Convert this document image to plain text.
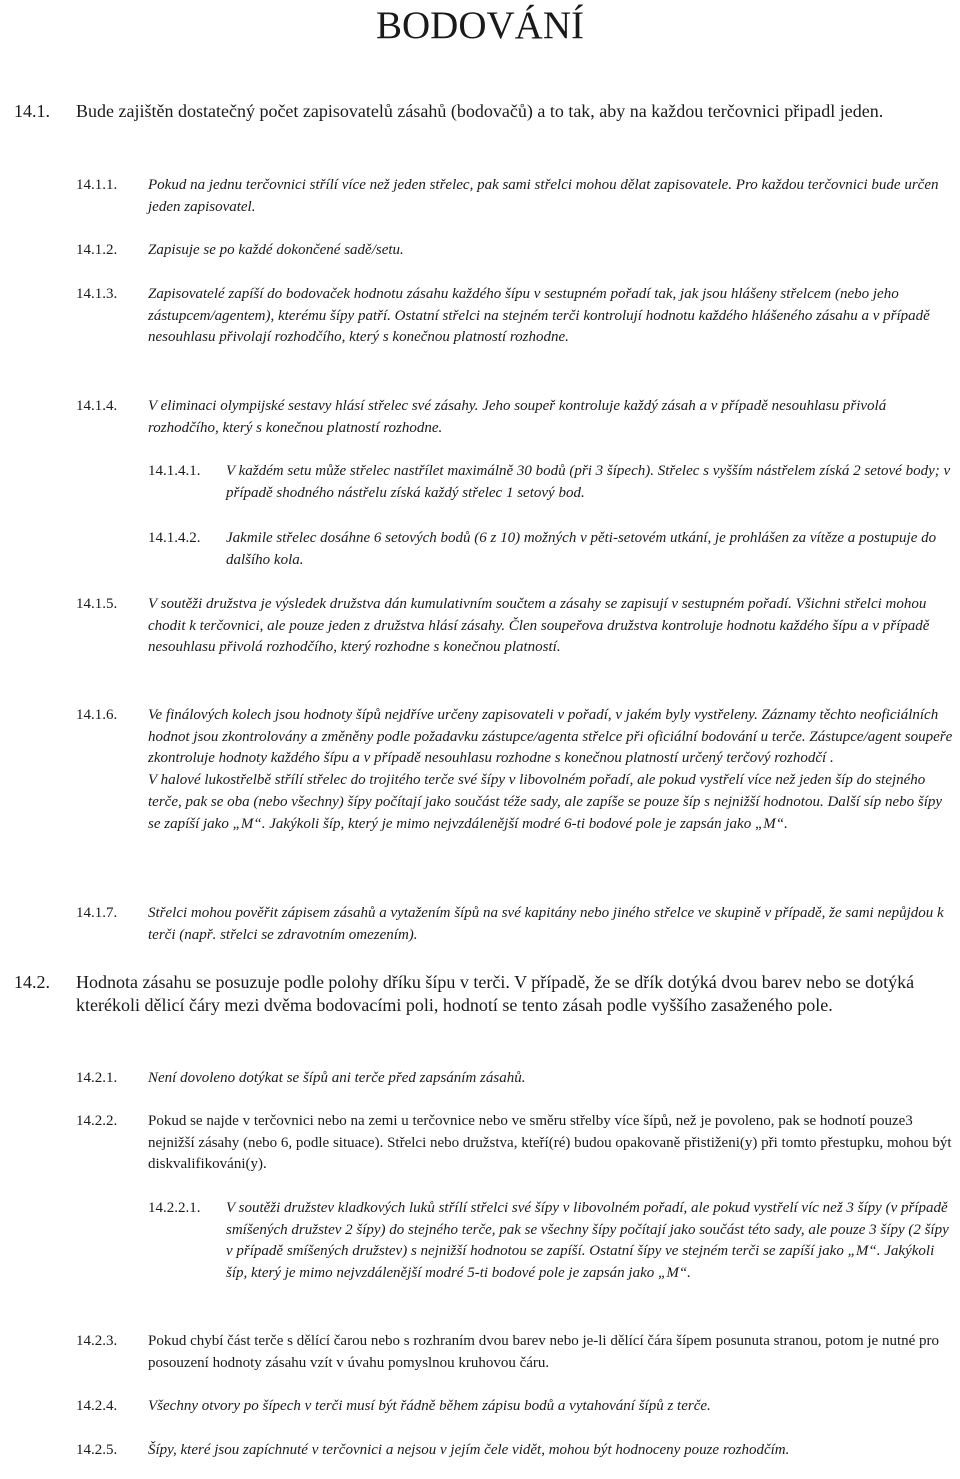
BODOVÁNÍ
14.1. Bude zajištěn dostatečný počet zapisovatelů zásahů (bodovačů) a to tak, aby na každou terčovnici připadl jeden.
14.1.1. Pokud na jednu terčovnici střílí více než jeden střelec, pak sami střelci mohou dělat zapisovatele. Pro každou terčovnici bude určen jeden zapisovatel.
14.1.2. Zapisuje se po každé dokončené sadě/setu.
14.1.3. Zapisovatelé zapíší do bodovaček hodnotu zásahu každého šípu v sestupném pořadí tak, jak jsou hlášeny střelcem (nebo jeho zástupcem/agentem), kterému šípy patří. Ostatní střelci na stejném terči kontrolují hodnotu každého hlášeného zásahu a v případě nesouhlasu přivolají rozhodčího, který s konečnou platností rozhodne.
14.1.4. V eliminaci olympijské sestavy hlásí střelec své zásahy. Jeho soupeř kontroluje každý zásah a v případě nesouhlasu přivolá rozhodčího, který s konečnou platností rozhodne.
14.1.4.1. V každém setu může střelec nastřílet maximálně 30 bodů (při 3 šípech). Střelec s vyšším nástřelem získá 2 setové body; v případě shodného nástřelu získá každý střelec 1 setový bod.
14.1.4.2. Jakmile střelec dosáhne 6 setových bodů (6 z 10) možných v pěti-setovém utkání, je prohlášen za vítěze a postupuje do dalšího kola.
14.1.5. V soutěži družstva je výsledek družstva dán kumulativním součtem a zásahy se zapisují v sestupném pořadí. Všichni střelci mohou chodit k terčovnici, ale pouze jeden z družstva hlásí zásahy. Člen soupeřova družstva kontroluje hodnotu každého šípu a v případě nesouhlasu přivolá rozhodčího, který rozhodne s konečnou platností.
14.1.6. Ve finálových kolech jsou hodnoty šípů nejdříve určeny zapisovateli v pořadí, v jakém byly vystřeleny. Záznamy těchto neoficiálních hodnot jsou zkontrolovány a změněny podle požadavku zástupce/agenta střelce při oficiální bodování u terče. Zástupce/agent soupeře zkontroluje hodnoty každého šípu a v případě nesouhlasu rozhodne s konečnou platností určený terčový rozhodčí .
V halové lukostřelbě střílí střelec do trojitého terče své šípy v libovolném pořadí, ale pokud vystřelí více než jeden šíp do stejného terče, pak se oba (nebo všechny) šípy počítají jako součást téže sady, ale zapíše se pouze šíp s nejnižší hodnotou. Další síp nebo šípy se zapíší jako „M“. Jakýkoli šíp, který je mimo nejvzdálenější modré 6-ti bodové pole je zapsán jako „M“.
14.1.7. Střelci mohou pověřit zápisem zásahů a vytažením šípů na své kapitány nebo jiného střelce ve skupině v případě, že sami nepůjdou k terči (např. střelci se zdravotním omezením).
14.2. Hodnota zásahu se posuzuje podle polohy dříku šípu v terči. V případě, že se dřík dotýká dvou barev nebo se dotýká kterékoli dělicí čáry mezi dvěma bodovacími poli, hodnotí se tento zásah podle vyššího zasaženého pole.
14.2.1. Není dovoleno dotýkat se šípů ani terče před zapsáním zásahů.
14.2.2. Pokud se najde v terčovnici nebo na zemi u terčovnice nebo ve směru střelby více šípů, než je povoleno, pak se hodnotí pouze3 nejnižší zásahy (nebo 6, podle situace). Střelci nebo družstva, kteří(ré) budou opakovaně přistiženi(y) při tomto přestupku, mohou být diskvalifikováni(y).
14.2.2.1. V soutěži družstev kladkových luků střílí střelci své šípy v libovolném pořadí, ale pokud vystřelí víc než 3 šípy (v případě smíšených družstev 2 šípy) do stejného terče, pak se všechny šípy počítají jako součást této sady, ale pouze 3 šípy (2 šípy v případě smíšených družstev) s nejnižší hodnotou se zapíší. Ostatní šípy ve stejném terči se zapíší jako „M“. Jakýkoli šíp, který je mimo nejvzdálenější modré 5-ti bodové pole je zapsán jako „M“.
14.2.3. Pokud chybí část terče s dělící čarou nebo s rozhraním dvou barev nebo je-li dělící čára šípem posunuta stranou, potom je nutné pro posouzení hodnoty zásahu vzít v úvahu pomyslnou kruhovou čáru.
14.2.4. Všechny otvory po šípech v terči musí být řádně během zápisu bodů a vytahování šípů z terče.
14.2.5. Šípy, které jsou zapíchnuté v terčovnici a nejsou v jejím čele vidět, mohou být hodnoceny pouze rozhodčím.
